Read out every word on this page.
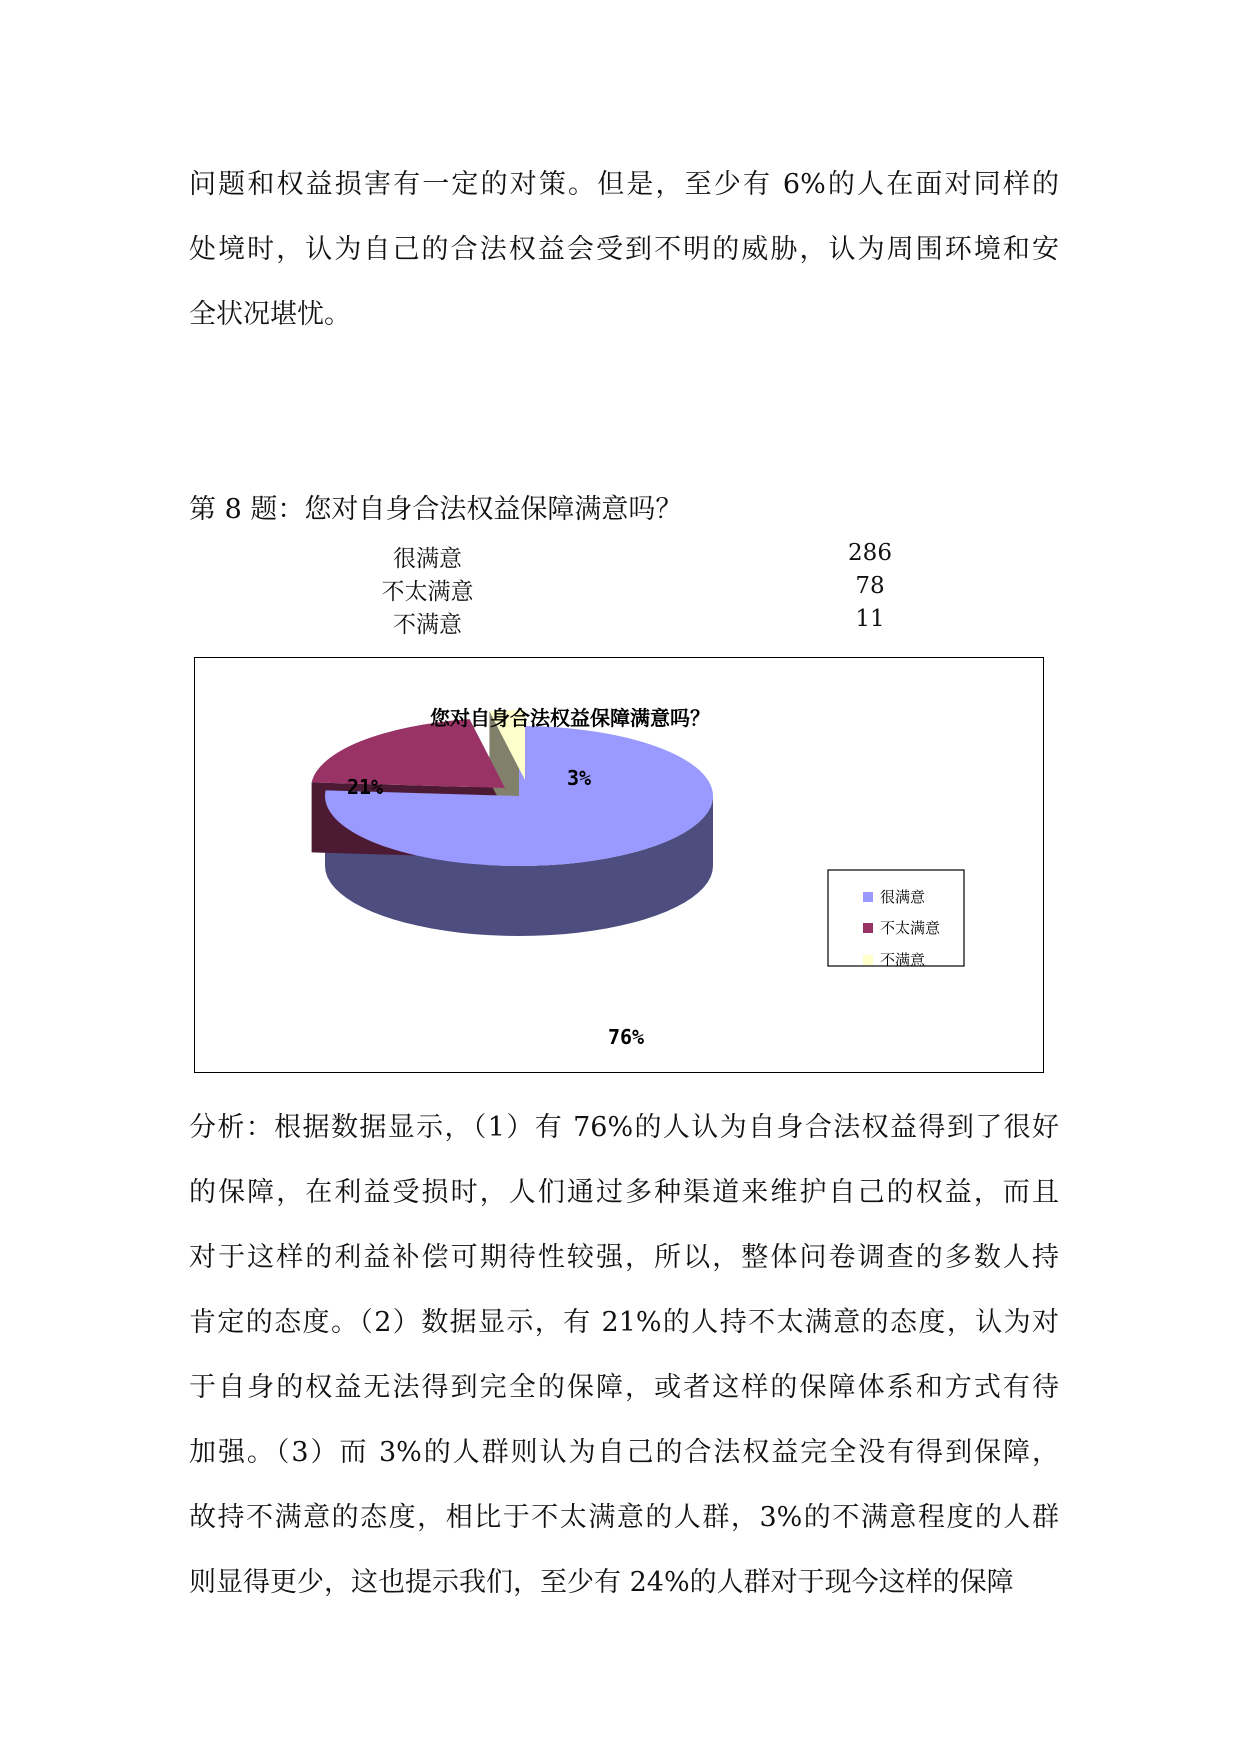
问题和权益损害有一定的对策。但是，至少有 6%的人在面对同样的
处境时，认为自己的合法权益会受到不明的威胁，认为周围环境和安
全状况堪忧。
第 8 题：您对自身合法权益保障满意吗？
很满意	286
不太满意	78
不满意	11
您对自身合法权益保障满意吗？
76%
21%	3%
很满意
不太满意
不满意
分析：根据数据显示，（1）有 76%的人认为自身合法权益得到了很好
的保障，在利益受损时，人们通过多种渠道来维护自己的权益，而且
对于这样的利益补偿可期待性较强，所以，整体问卷调查的多数人持
肯定的态度。（2）数据显示，有 21%的人持不太满意的态度，认为对
于自身的权益无法得到完全的保障，或者这样的保障体系和方式有待
加强。（3）而 3%的人群则认为自己的合法权益完全没有得到保障，
故持不满意的态度，相比于不太满意的人群，3%的不满意程度的人群
则显得更少，这也提示我们，至少有 24%的人群对于现今这样的保障
